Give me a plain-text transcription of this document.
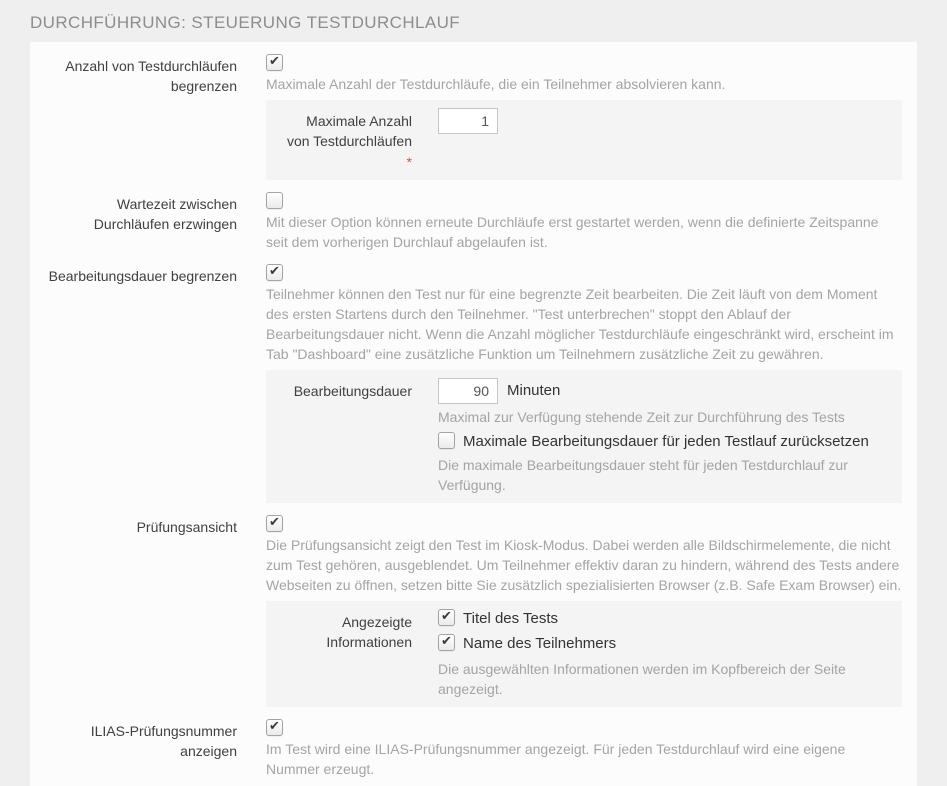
DURCHFÜHRUNG: STEUERUNG TESTDURCHLAUF
Anzahl von Testdurchläufen begrenzen
✔ Maximale Anzahl der Testdurchläufe, die ein Teilnehmer absolvieren kann.
Maximale Anzahl von Testdurchläufen *
1
Wartezeit zwischen Durchläufen erzwingen Mit dieser Option können erneute Durchläufe erst gestartet werden, wenn die definierte Zeitspanne seit dem vorherigen Durchlauf abgelaufen ist.
Bearbeitungsdauer begrenzen
✔
Teilnehmer können den Test nur für eine begrenzte Zeit bearbeiten. Die Zeit läuft von dem Moment des ersten Startens durch den Teilnehmer. "Test unterbrechen" stoppt den Ablauf der Bearbeitungsdauer nicht. Wenn die Anzahl möglicher Testdurchläufe eingeschränkt wird, erscheint im Tab "Dashboard" eine zusätzliche Funktion um Teilnehmern zusätzliche Zeit zu gewähren.
Bearbeitungsdauer
90	Minuten
Maximal zur Verfügung stehende Zeit zur Durchführung des Tests
Maximale Bearbeitungsdauer für jeden Testlauf zurücksetzen
Die maximale Bearbeitungsdauer steht für jeden Testdurchlauf zur Verfügung.
Prüfungsansicht
✔
Die Prüfungsansicht zeigt den Test im Kiosk-Modus. Dabei werden alle Bildschirmelemente, die nicht zum Test gehören, ausgeblendet. Um Teilnehmer effektiv daran zu hindern, während des Tests andere Webseiten zu öffnen, setzen bitte Sie zusätzlich spezialisierten Browser (z.B. Safe Exam Browser) ein.
Angezeigte Informationen
✔
Titel des Tests
✔
Name des Teilnehmers
Die ausgewählten Informationen werden im Kopfbereich der Seite angezeigt.
ILIAS-Prüfungsnummer anzeigen
✔ Im Test wird eine ILIAS-Prüfungsnummer angezeigt. Für jeden Testdurchlauf wird eine eigene Nummer erzeugt.
